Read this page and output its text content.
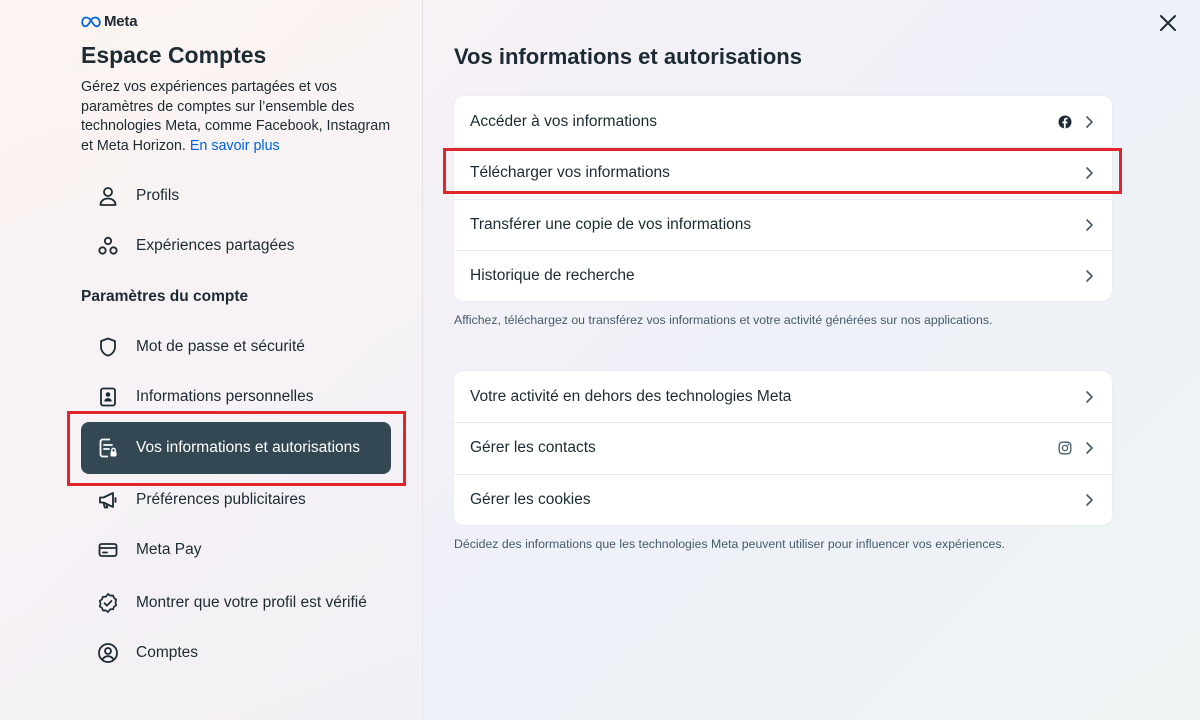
Meta
Espace Comptes
Gérez vos expériences partagées et vos paramètres de comptes sur l’ensemble des technologies Meta, comme Facebook, Instagram et Meta Horizon. En savoir plus
Profils
Expériences partagées
Paramètres du compte
Mot de passe et sécurité
Informations personnelles
Vos informations et autorisations
Préférences publicitaires
Meta Pay
Montrer que votre profil est vérifié
Comptes
Vos informations et autorisations
Accéder à vos informations
Télécharger vos informations
Transférer une copie de vos informations
Historique de recherche
Affichez, téléchargez ou transférez vos informations et votre activité générées sur nos applications.
Votre activité en dehors des technologies Meta
Gérer les contacts
Gérer les cookies
Décidez des informations que les technologies Meta peuvent utiliser pour influencer vos expériences.
